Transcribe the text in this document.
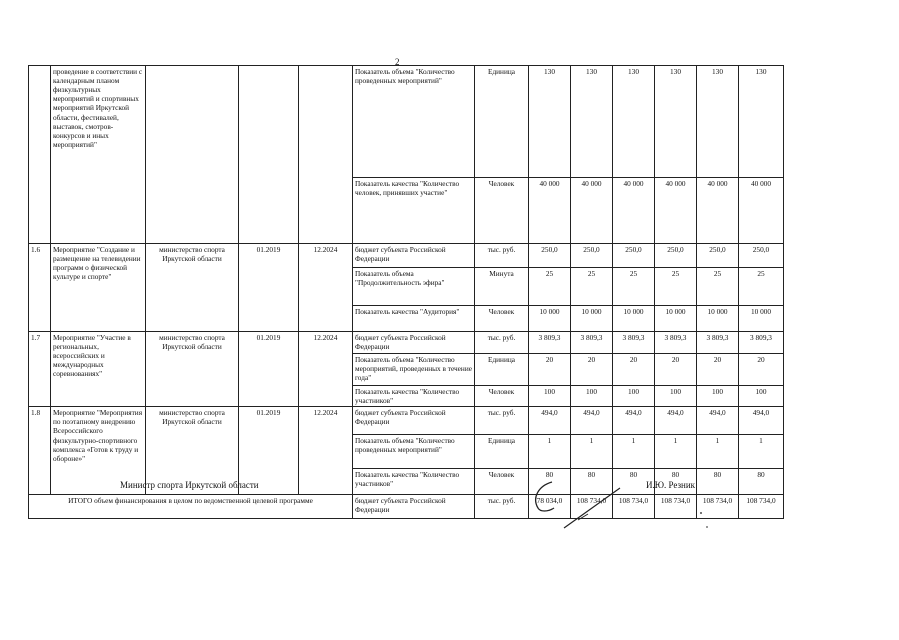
2
	проведение в соответствии с календарным планом физкультурных мероприятий и спортивных мероприятий Иркутской области, фестивалей, выставок, смотров-конкурсов и иных мероприятий"				Показатель объема "Количество проведенных мероприятий"	Единица	130	130	130	130	130	130
					Показатель качества "Количество человек, принявших участие"	Человек	40 000	40 000	40 000	40 000	40 000	40 000
1.6	Мероприятие "Создание и размещение на телевидении программ о физической культуре и спорте"	министерство спорта Иркутской области	01.2019	12.2024	бюджет субъекта Российской Федерации	тыс. руб.	250,0	250,0	250,0	250,0	250,0	250,0
					Показатель объема "Продолжительность эфира"	Минута	25	25	25	25	25	25
					Показатель качества "Аудитория"	Человек	10 000	10 000	10 000	10 000	10 000	10 000
1.7	Мероприятие "Участие в региональных, всероссийских и международных соревнованиях"	министерство спорта Иркутской области	01.2019	12.2024	бюджет субъекта Российской Федерации	тыс. руб.	3 809,3	3 809,3	3 809,3	3 809,3	3 809,3	3 809,3
					Показатель объема "Количество мероприятий, проведенных в течение года"	Единица	20	20	20	20	20	20
					Показатель качества "Количество участников"	Человек	100	100	100	100	100	100
1.8	Мероприятие "Мероприятия по поэтапному внедрению Всероссийского физкультурно-спортивного комплекса «Готов к труду и обороне»"	министерство спорта Иркутской области	01.2019	12.2024	бюджет субъекта Российской Федерации	тыс. руб.	494,0	494,0	494,0	494,0	494,0	494,0
					Показатель объема "Количество проведенных мероприятий"	Единица	1	1	1	1	1	1
					Показатель качества "Количество участников"	Человек	80	80	80	80	80	80
ИТОГО объем финансирования в целом по ведомственной целевой программе					бюджет субъекта Российской Федерации	тыс. руб.	78 034,0	108 734,0	108 734,0	108 734,0	108 734,0	108 734,0
Министр спорта Иркутской области	И.Ю. Резник
